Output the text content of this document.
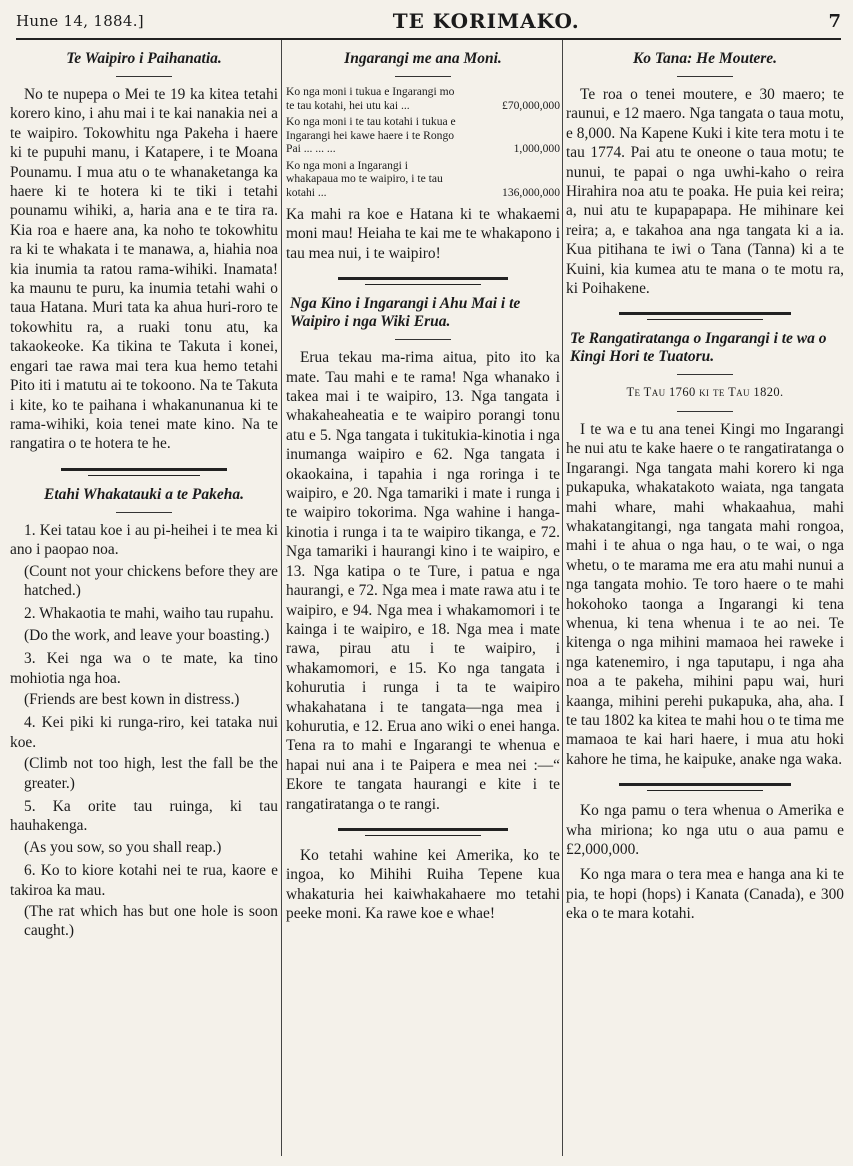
Hune 14, 1884.]	TE KORIMAKO.	7
Te Waipiro i Paihanatia.

No te nupepa o Mei te 19 ka kitea tetahi korero kino, i ahu mai i te kai nanakia nei a te waipiro. Tokowhitu nga Pakeha i haere ki te pupuhi manu, i Katapere, i te Moana Pounamu. I mua atu o te whanaketanga ka haere ki te hotera ki te tiki i tetahi pounamu wihiki, a, haria ana e te tira ra. Kia roa e haere ana, ka noho te tokowhitu ra ki te whakata i te manawa, a, hiahia noa kia inumia ta ratou rama-wihiki. Inamata! ka maunu te puru, ka inumia tetahi wahi o taua Hatana. Muri tata ka ahua huri-roro te tokowhitu ra, a ruaki tonu atu, ka takaokeoke. Ka tikina te Takuta i konei, engari tae rawa mai tera kua hemo tetahi Pito iti i matutu ai te tokoono. Na te Takuta i kite, ko te paihana i whakanunanua ki te rama-wihiki, koia tenei mate kino. Na te rangatira o te hotera te he.

Etahi Whakatauki a te Pakeha.

1. Kei tatau koe i au pi-heihei i te mea ki ano i paopao noa.

(Count not your chickens before they are hatched.)

2. Whakaotia te mahi, waiho tau rupahu.

(Do the work, and leave your boasting.)

3. Kei nga wa o te mate, ka tino mohiotia nga hoa.

(Friends are best kown in distress.)

4. Kei piki ki runga-riro, kei tataka nui koe.

(Climb not too high, lest the fall be the greater.)

5. Ka orite tau ruinga, ki tau hauhakenga.

(As you sow, so you shall reap.)

6. Ko to kiore kotahi nei te rua, kaore e takiroa ka mau.

(The rat which has but one hole is soon caught.)

Ingarangi me ana Moni.
Ko nga moni i tukua e Ingarangi mo te tau kotahi, hei utu kai ...	£70,000,000
Ko nga moni i te tau kotahi i tukua e Ingarangi hei kawe haere i te Rongo Pai ... ... ...	1,000,000
Ko nga moni a Ingarangi i whakapaua mo te waipiro, i te tau kotahi ...	136,000,000

Ka mahi ra koe e Hatana ki te whakaemi moni mau! Heiaha te kai me te whakapono i tau mea nui, i te waipiro!

Nga Kino i Ingarangi i Ahu Mai i te Waipiro i nga Wiki Erua.

Erua tekau ma-rima aitua, pito ito ka mate. Tau mahi e te rama! Nga whanako i takea mai i te waipiro, 13. Nga tangata i whakaheaheatia e te waipiro porangi tonu atu e 5. Nga tangata i tukitukia-kinotia i nga inumanga waipiro e 62. Nga tangata i okaokaina, i tapahia i nga roringa i te waipiro, e 20. Nga tamariki i mate i runga i te waipiro tokorima. Nga wahine i hanga-kinotia i runga i ta te waipiro tikanga, e 72. Nga tamariki i haurangi kino i te waipiro, e 13. Nga katipa o te Ture, i patua e nga haurangi, e 72. Nga mea i mate rawa atu i te waipiro, e 94. Nga mea i whakamomori i te kainga i te waipiro, e 18. Nga mea i mate rawa, pirau atu i te waipiro, i whakamomori, e 15. Ko nga tangata i kohurutia i runga i ta te waipiro whakahatana i te tangata—nga mea i kohurutia, e 12. Erua ano wiki o enei hanga. Tena ra to mahi e Ingarangi te whenua e hapai nui ana i te Paipera e mea nei :—“ Ekore te tangata haurangi e kite i te rangatiratanga o te rangi.

Ko tetahi wahine kei Amerika, ko te ingoa, ko Mihihi Ruiha Tepene kua whakaturia hei kaiwhakahaere mo tetahi peeke moni. Ka rawe koe e whae!

Ko Tana: He Moutere.

Te roa o tenei moutere, e 30 maero; te raunui, e 12 maero. Nga tangata o taua motu, e 8,000. Na Kapene Kuki i kite tera motu i te tau 1774. Pai atu te oneone o taua motu; te nunui, te papai o nga uwhi-kaho o reira Hirahira noa atu te poaka. He puia kei reira; a, nui atu te kupapapapa. He mihinare kei reira; a, e takahoa ana nga tangata ki a ia. Kua pitihana te iwi o Tana (Tanna) ki a te Kuini, kia kumea atu te mana o te motu ra, ki Poihakene.

Te Rangatiratanga o Ingarangi i te wa o Kingi Hori te Tuatoru.
Te Tau 1760 ki te Tau 1820.

I te wa e tu ana tenei Kingi mo Ingarangi he nui atu te kake haere o te rangatiratanga o Ingarangi. Nga tangata mahi korero ki nga pukapuka, whakatakoto waiata, nga tangata mahi whare, mahi whakaahua, mahi whakatangitangi, nga tangata mahi rongoa, mahi i te ahua o nga hau, o te wai, o nga whetu, o te marama me era atu mahi nunui a nga tangata mohio. Te toro haere o te mahi hokohoko taonga a Ingarangi ki tena whenua, ki tena whenua i te ao nei. Te kitenga o nga mihini mamaoa hei raweke i nga katenemiro, i nga taputapu, i nga aha noa a te pakeha, mihini papu wai, huri kaanga, mihini perehi pukapuka, aha, aha. I te tau 1802 ka kitea te mahi hou o te tima me mamaoa te kai hari haere, i mua atu hoki kahore he tima, he kaipuke, anake nga waka.

Ko nga pamu o tera whenua o Amerika e wha miriona; ko nga utu o aua pamu e £2,000,000.

Ko nga mara o tera mea e hanga ana ki te pia, te hopi (hops) i Kanata (Canada), e 300 eka o te mara kotahi.
